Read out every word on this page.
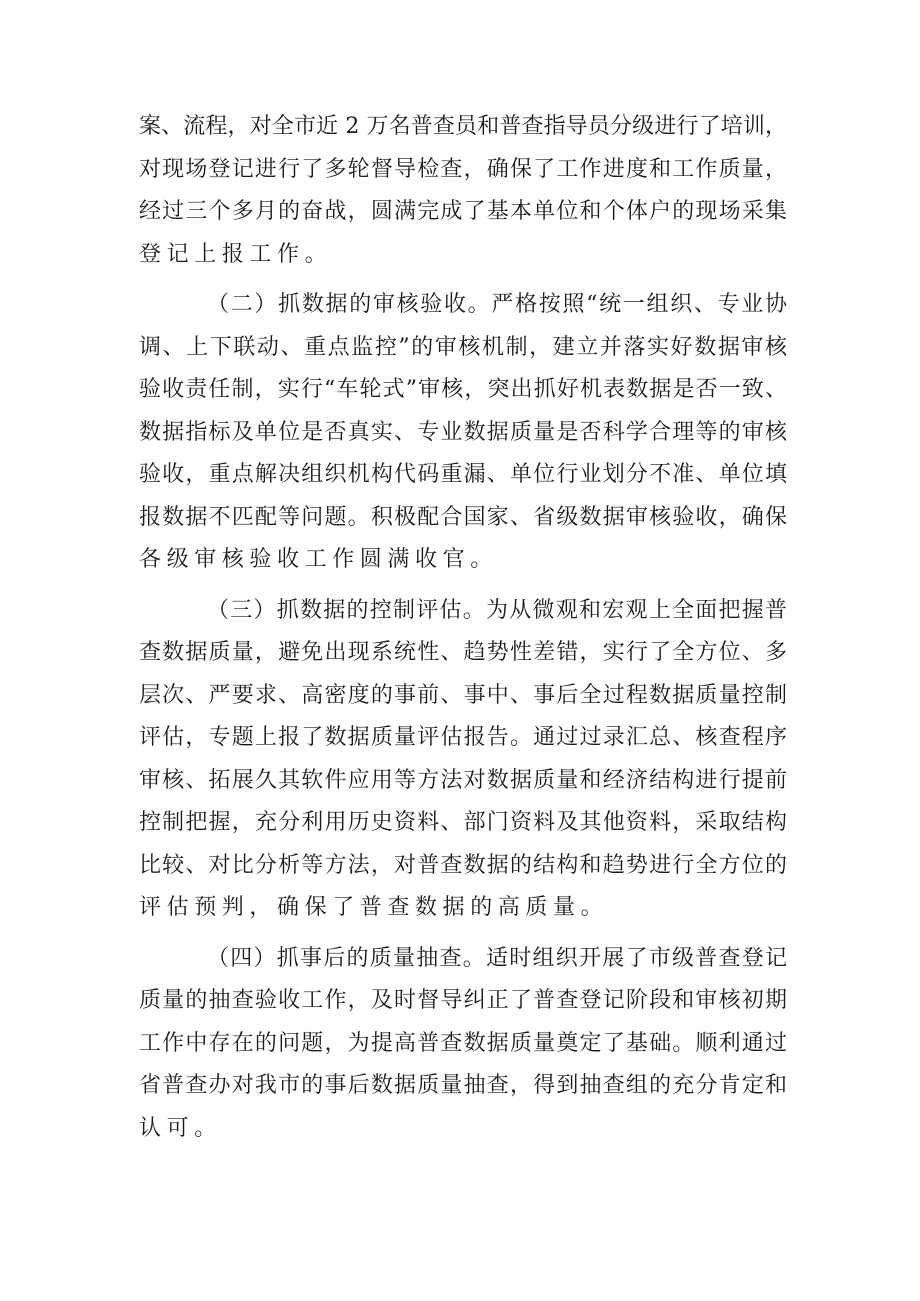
案、流程，对全市近 2 万名普查员和普查指导员分级进行了培训，
对现场登记进行了多轮督导检查，确保了工作进度和工作质量，
经过三个多月的奋战，圆满完成了基本单位和个体户的现场采集
登记上报工作。
（二）抓数据的审核验收。严格按照“统一组织、专业协
调、上下联动、重点监控”的审核机制，建立并落实好数据审核
验收责任制，实行“车轮式”审核，突出抓好机表数据是否一致、
数据指标及单位是否真实、专业数据质量是否科学合理等的审核
验收，重点解决组织机构代码重漏、单位行业划分不准、单位填
报数据不匹配等问题。积极配合国家、省级数据审核验收，确保
各级审核验收工作圆满收官。
（三）抓数据的控制评估。为从微观和宏观上全面把握普
查数据质量，避免出现系统性、趋势性差错，实行了全方位、多
层次、严要求、高密度的事前、事中、事后全过程数据质量控制
评估，专题上报了数据质量评估报告。通过过录汇总、核查程序
审核、拓展久其软件应用等方法对数据质量和经济结构进行提前
控制把握，充分利用历史资料、部门资料及其他资料，采取结构
比较、对比分析等方法，对普查数据的结构和趋势进行全方位的
评估预判，确保了普查数据的高质量。
（四）抓事后的质量抽查。适时组织开展了市级普查登记
质量的抽查验收工作，及时督导纠正了普查登记阶段和审核初期
工作中存在的问题，为提高普查数据质量奠定了基础。顺利通过
省普查办对我市的事后数据质量抽查，得到抽查组的充分肯定和
认可。
